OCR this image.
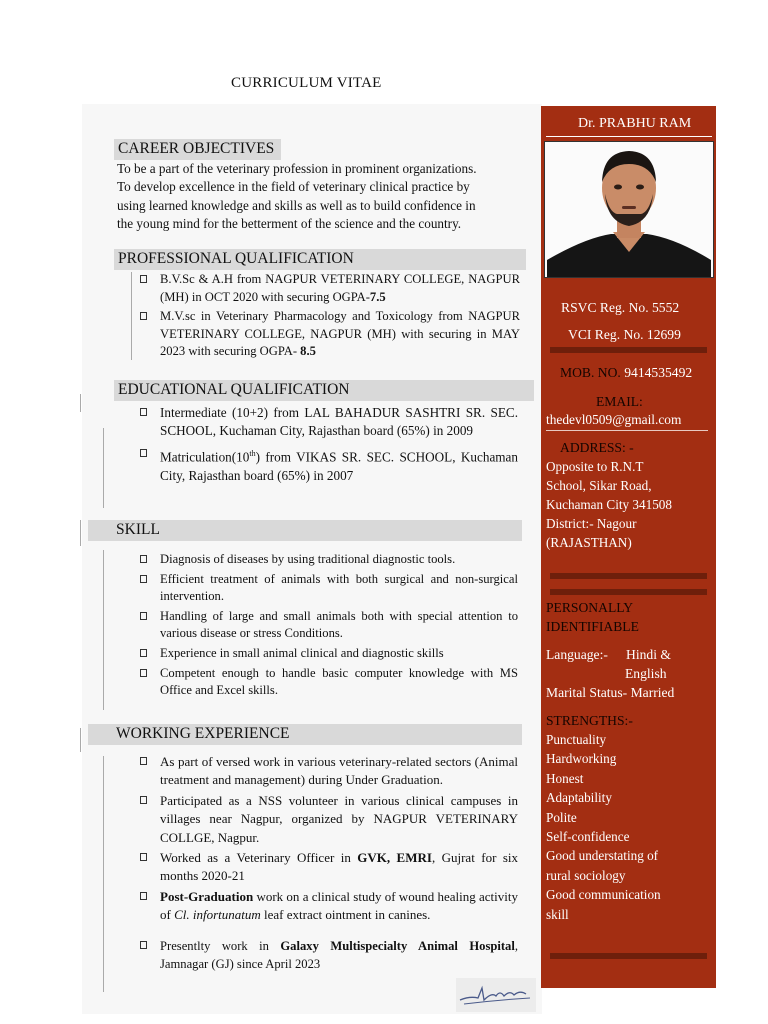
CURRICULUM VITAE
CAREER OBJECTIVES
To be a part of the veterinary profession in prominent organizations.
To develop excellence in the field of veterinary clinical practice by
using learned knowledge and skills as well as to build confidence in
the young mind for the betterment of the science and the country.
PROFESSIONAL QUALIFICATION
B.V.Sc & A.H from NAGPUR VETERINARY COLLEGE, NAGPUR (MH) in OCT 2020 with securing OGPA-7.5
M.V.sc in Veterinary Pharmacology and Toxicology from NAGPUR VETERINARY COLLEGE, NAGPUR (MH) with securing in MAY 2023 with securing OGPA- 8.5
EDUCATIONAL QUALIFICATION
Intermediate (10+2) from LAL BAHADUR SASHTRI SR. SEC. SCHOOL, Kuchaman City, Rajasthan board (65%) in 2009
Matriculation(10th) from VIKAS SR. SEC. SCHOOL, Kuchaman City, Rajasthan board (65%) in 2007
SKILL
Diagnosis of diseases by using traditional diagnostic tools.
Efficient treatment of animals with both surgical and non-surgical intervention.
Handling of large and small animals both with special attention to various disease or stress Conditions.
Experience in small animal clinical and diagnostic skills
Competent enough to handle basic computer knowledge with MS Office and Excel skills.
WORKING EXPERIENCE
As part of versed work in various veterinary-related sectors (Animal treatment and management) during Under Graduation.
Participated as a NSS volunteer in various clinical campuses in villages near Nagpur, organized by NAGPUR VETERINARY COLLGE, Nagpur.
Worked as a Veterinary Officer in GVK, EMRI, Gujrat for six months 2020-21
Post-Graduation work on a clinical study of wound healing activity of Cl. infortunatum leaf extract ointment in canines.
Presentlty work in Galaxy Multispecialty Animal Hospital, Jamnagar (GJ) since April 2023
Dr. PRABHU RAM
RSVC Reg. No. 5552
VCI Reg. No. 12699
MOB. NO. 9414535492
EMAIL:
thedevl0509@gmail.com
ADDRESS: -
Opposite to R.N.T
School, Sikar Road,
Kuchaman City 341508
District:- Nagour
(RAJASTHAN)
PERSONALLY
IDENTIFIABLE
Language:- Hindi &
English
Marital Status- Married
STRENGTHS:-
Punctuality
Hardworking
Honest
Adaptability
Polite
Self-confidence
Good understating of
rural sociology
Good communication
skill
